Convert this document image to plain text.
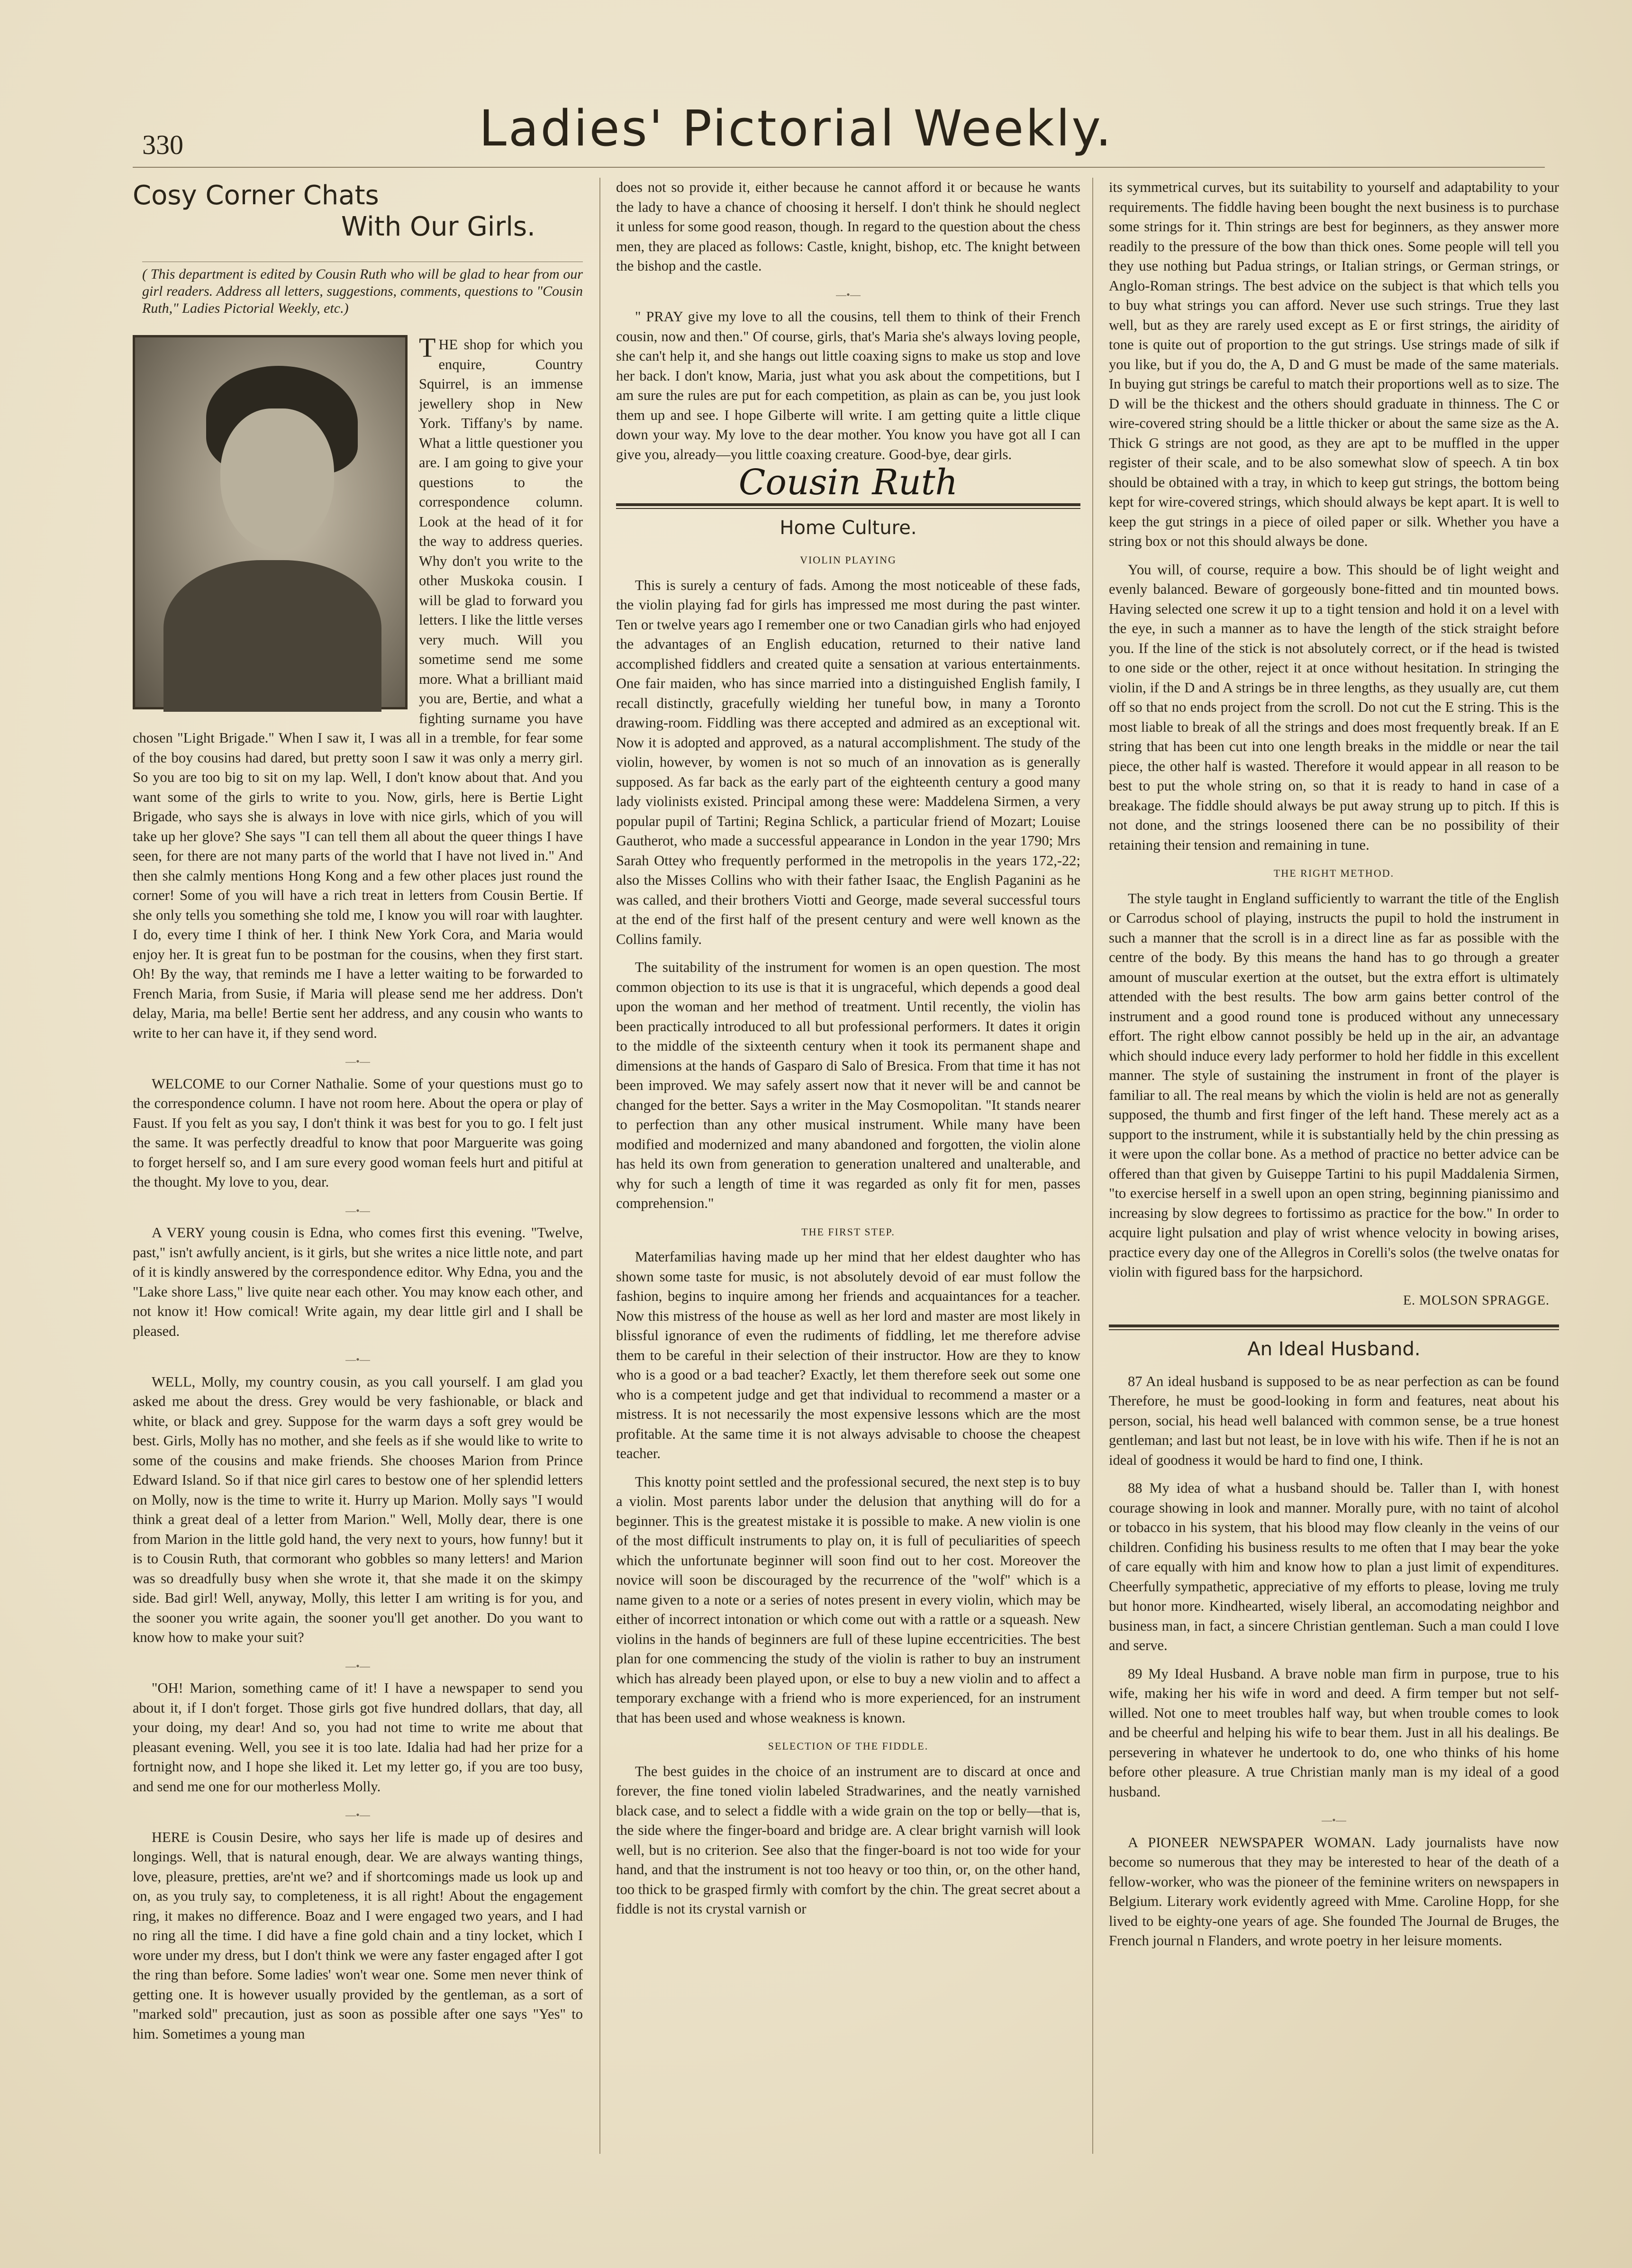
330	Ladies' Pictorial Weekly.
Cosy Corner Chats
With Our Girls.
( This department is edited by Cousin Ruth who will be glad to hear from our girl readers. Address all letters, suggestions, comments, questions to "Cousin Ruth," Ladies Pictorial Weekly, etc.)

THE shop for which you enquire, Country Squirrel, is an immense jewellery shop in New York. Tiffany's by name. What a little questioner you are. I am going to give your questions to the correspondence column. Look at the head of it for the way to address queries. Why don't you write to the other Muskoka cousin. I will be glad to forward you letters. I like the little verses very much. Will you sometime send me some more. What a brilliant maid you are, Bertie, and what a fighting surname you have chosen "Light Brigade." When I saw it, I was all in a tremble, for fear some of the boy cousins had dared, but pretty soon I saw it was only a merry girl. So you are too big to sit on my lap. Well, I don't know about that. And you want some of the girls to write to you. Now, girls, here is Bertie Light Brigade, who says she is always in love with nice girls, which of you will take up her glove? She says "I can tell them all about the queer things I have seen, for there are not many parts of the world that I have not lived in." And then she calmly mentions Hong Kong and a few other places just round the corner! Some of you will have a rich treat in letters from Cousin Bertie. If she only tells you something she told me, I know you will roar with laughter. I do, every time I think of her. I think New York Cora, and Maria would enjoy her. It is great fun to be postman for the cousins, when they first start. Oh! By the way, that reminds me I have a letter waiting to be forwarded to French Maria, from Susie, if Maria will please send me her address. Don't delay, Maria, ma belle! Bertie sent her address, and any cousin who wants to write to her can have it, if they send word.

—•—

WELCOME to our Corner Nathalie. Some of your questions must go to the correspondence column. I have not room here. About the opera or play of Faust. If you felt as you say, I don't think it was best for you to go. I felt just the same. It was perfectly dreadful to know that poor Marguerite was going to forget herself so, and I am sure every good woman feels hurt and pitiful at the thought. My love to you, dear.

—•—

A VERY young cousin is Edna, who comes first this evening. "Twelve, past," isn't awfully ancient, is it girls, but she writes a nice little note, and part of it is kindly answered by the correspondence editor. Why Edna, you and the "Lake shore Lass," live quite near each other. You may know each other, and not know it! How comical! Write again, my dear little girl and I shall be pleased.

—•—

WELL, Molly, my country cousin, as you call yourself. I am glad you asked me about the dress. Grey would be very fashionable, or black and white, or black and grey. Suppose for the warm days a soft grey would be best. Girls, Molly has no mother, and she feels as if she would like to write to some of the cousins and make friends. She chooses Marion from Prince Edward Island. So if that nice girl cares to bestow one of her splendid letters on Molly, now is the time to write it. Hurry up Marion. Molly says "I would think a great deal of a letter from Marion." Well, Molly dear, there is one from Marion in the little gold hand, the very next to yours, how funny! but it is to Cousin Ruth, that cormorant who gobbles so many letters! and Marion was so dreadfully busy when she wrote it, that she made it on the skimpy side. Bad girl! Well, anyway, Molly, this letter I am writing is for you, and the sooner you write again, the sooner you'll get another. Do you want to know how to make your suit?

—•—

"OH! Marion, something came of it! I have a newspaper to send you about it, if I don't forget. Those girls got five hundred dollars, that day, all your doing, my dear! And so, you had not time to write me about that pleasant evening. Well, you see it is too late. Idalia had had her prize for a fortnight now, and I hope she liked it. Let my letter go, if you are too busy, and send me one for our motherless Molly.

—•—

HERE is Cousin Desire, who says her life is made up of desires and longings. Well, that is natural enough, dear. We are always wanting things, love, pleasure, pretties, are'nt we? and if shortcomings made us look up and on, as you truly say, to completeness, it is all right! About the engagement ring, it makes no difference. Boaz and I were engaged two years, and I had no ring all the time. I did have a fine gold chain and a tiny locket, which I wore under my dress, but I don't think we were any faster engaged after I got the ring than before. Some ladies' won't wear one. Some men never think of getting one. It is however usually provided by the gentleman, as a sort of "marked sold" precaution, just as soon as possible after one says "Yes" to him. Sometimes a young man

does not so provide it, either because he cannot afford it or because he wants the lady to have a chance of choosing it herself. I don't think he should neglect it unless for some good reason, though. In regard to the question about the chess men, they are placed as follows: Castle, knight, bishop, etc. The knight between the bishop and the castle.

—•—

" PRAY give my love to all the cousins, tell them to think of their French cousin, now and then." Of course, girls, that's Maria she's always loving people, she can't help it, and she hangs out little coaxing signs to make us stop and love her back. I don't know, Maria, just what you ask about the competitions, but I am sure the rules are put for each competition, as plain as can be, you just look them up and see. I hope Gilberte will write. I am getting quite a little clique down your way. My love to the dear mother. You know you have got all I can give you, already—you little coaxing creature. Good-bye, dear girls.

Cousin Ruth
Home Culture.
VIOLIN PLAYING

This is surely a century of fads. Among the most noticeable of these fads, the violin playing fad for girls has impressed me most during the past winter. Ten or twelve years ago I remember one or two Canadian girls who had enjoyed the advantages of an English education, returned to their native land accomplished fiddlers and created quite a sensation at various entertainments. One fair maiden, who has since married into a distinguished English family, I recall distinctly, gracefully wielding her tuneful bow, in many a Toronto drawing-room. Fiddling was there accepted and admired as an exceptional wit. Now it is adopted and approved, as a natural accomplishment. The study of the violin, however, by women is not so much of an innovation as is generally supposed. As far back as the early part of the eighteenth century a good many lady violinists existed. Principal among these were: Maddelena Sirmen, a very popular pupil of Tartini; Regina Schlick, a particular friend of Mozart; Louise Gautherot, who made a successful appearance in London in the year 1790; Mrs Sarah Ottey who frequently performed in the metropolis in the years 172,-22; also the Misses Collins who with their father Isaac, the English Paganini as he was called, and their brothers Viotti and George, made several successful tours at the end of the first half of the present century and were well known as the Collins family.

The suitability of the instrument for women is an open question. The most common objection to its use is that it is ungraceful, which depends a good deal upon the woman and her method of treatment. Until recently, the violin has been practically introduced to all but professional performers. It dates it origin to the middle of the sixteenth century when it took its permanent shape and dimensions at the hands of Gasparo di Salo of Bresica. From that time it has not been improved. We may safely assert now that it never will be and cannot be changed for the better. Says a writer in the May Cosmopolitan. "It stands nearer to perfection than any other musical instrument. While many have been modified and modernized and many abandoned and forgotten, the violin alone has held its own from generation to generation unaltered and unalterable, and why for such a length of time it was regarded as only fit for men, passes comprehension."

THE FIRST STEP.

Materfamilias having made up her mind that her eldest daughter who has shown some taste for music, is not absolutely devoid of ear must follow the fashion, begins to inquire among her friends and acquaintances for a teacher. Now this mistress of the house as well as her lord and master are most likely in blissful ignorance of even the rudiments of fiddling, let me therefore advise them to be careful in their selection of their instructor. How are they to know who is a good or a bad teacher? Exactly, let them therefore seek out some one who is a competent judge and get that individual to recommend a master or a mistress. It is not necessarily the most expensive lessons which are the most profitable. At the same time it is not always advisable to choose the cheapest teacher.

This knotty point settled and the professional secured, the next step is to buy a violin. Most parents labor under the delusion that anything will do for a beginner. This is the greatest mistake it is possible to make. A new violin is one of the most difficult instruments to play on, it is full of peculiarities of speech which the unfortunate beginner will soon find out to her cost. Moreover the novice will soon be discouraged by the recurrence of the "wolf" which is a name given to a note or a series of notes present in every violin, which may be either of incorrect intonation or which come out with a rattle or a squeash. New violins in the hands of beginners are full of these lupine eccentricities. The best plan for one commencing the study of the violin is rather to buy an instrument which has already been played upon, or else to buy a new violin and to affect a temporary exchange with a friend who is more experienced, for an instrument that has been used and whose weakness is known.

SELECTION OF THE FIDDLE.

The best guides in the choice of an instrument are to discard at once and forever, the fine toned violin labeled Stradwarines, and the neatly varnished black case, and to select a fiddle with a wide grain on the top or belly—that is, the side where the finger-board and bridge are. A clear bright varnish will look well, but is no criterion. See also that the finger-board is not too wide for your hand, and that the instrument is not too heavy or too thin, or, on the other hand, too thick to be grasped firmly with comfort by the chin. The great secret about a fiddle is not its crystal varnish or

its symmetrical curves, but its suitability to yourself and adaptability to your requirements. The fiddle having been bought the next business is to purchase some strings for it. Thin strings are best for beginners, as they answer more readily to the pressure of the bow than thick ones. Some people will tell you they use nothing but Padua strings, or Italian strings, or German strings, or Anglo-Roman strings. The best advice on the subject is that which tells you to buy what strings you can afford. Never use such strings. True they last well, but as they are rarely used except as E or first strings, the airidity of tone is quite out of proportion to the gut strings. Use strings made of silk if you like, but if you do, the A, D and G must be made of the same materials. In buying gut strings be careful to match their proportions well as to size. The D will be the thickest and the others should graduate in thinness. The C or wire-covered string should be a little thicker or about the same size as the A. Thick G strings are not good, as they are apt to be muffled in the upper register of their scale, and to be also somewhat slow of speech. A tin box should be obtained with a tray, in which to keep gut strings, the bottom being kept for wire-covered strings, which should always be kept apart. It is well to keep the gut strings in a piece of oiled paper or silk. Whether you have a string box or not this should always be done.

You will, of course, require a bow. This should be of light weight and evenly balanced. Beware of gorgeously bone-fitted and tin mounted bows. Having selected one screw it up to a tight tension and hold it on a level with the eye, in such a manner as to have the length of the stick straight before you. If the line of the stick is not absolutely correct, or if the head is twisted to one side or the other, reject it at once without hesitation. In stringing the violin, if the D and A strings be in three lengths, as they usually are, cut them off so that no ends project from the scroll. Do not cut the E string. This is the most liable to break of all the strings and does most frequently break. If an E string that has been cut into one length breaks in the middle or near the tail piece, the other half is wasted. Therefore it would appear in all reason to be best to put the whole string on, so that it is ready to hand in case of a breakage. The fiddle should always be put away strung up to pitch. If this is not done, and the strings loosened there can be no possibility of their retaining their tension and remaining in tune.

THE RIGHT METHOD.

The style taught in England sufficiently to warrant the title of the English or Carrodus school of playing, instructs the pupil to hold the instrument in such a manner that the scroll is in a direct line as far as possible with the centre of the body. By this means the hand has to go through a greater amount of muscular exertion at the outset, but the extra effort is ultimately attended with the best results. The bow arm gains better control of the instrument and a good round tone is produced without any unnecessary effort. The right elbow cannot possibly be held up in the air, an advantage which should induce every lady performer to hold her fiddle in this excellent manner. The style of sustaining the instrument in front of the player is familiar to all. The real means by which the violin is held are not as generally supposed, the thumb and first finger of the left hand. These merely act as a support to the instrument, while it is substantially held by the chin pressing as it were upon the collar bone. As a method of practice no better advice can be offered than that given by Guiseppe Tartini to his pupil Maddalenia Sirmen, "to exercise herself in a swell upon an open string, beginning pianissimo and increasing by slow degrees to fortissimo as practice for the bow." In order to acquire light pulsation and play of wrist whence velocity in bowing arises, practice every day one of the Allegros in Corelli's solos (the twelve onatas for violin with figured bass for the harpsichord.

E. MOLSON SPRAGGE.
An Ideal Husband.

87 An ideal husband is supposed to be as near perfection as can be found Therefore, he must be good-looking in form and features, neat about his person, social, his head well balanced with common sense, be a true honest gentleman; and last but not least, be in love with his wife. Then if he is not an ideal of goodness it would be hard to find one, I think.

88 My idea of what a husband should be. Taller than I, with honest courage showing in look and manner. Morally pure, with no taint of alcohol or tobacco in his system, that his blood may flow cleanly in the veins of our children. Confiding his business results to me often that I may bear the yoke of care equally with him and know how to plan a just limit of expenditures. Cheerfully sympathetic, appreciative of my efforts to please, loving me truly but honor more. Kindhearted, wisely liberal, an accomodating neighbor and business man, in fact, a sincere Christian gentleman. Such a man could I love and serve.

89 My Ideal Husband. A brave noble man firm in purpose, true to his wife, making her his wife in word and deed. A firm temper but not self-willed. Not one to meet troubles half way, but when trouble comes to look and be cheerful and helping his wife to bear them. Just in all his dealings. Be persevering in whatever he undertook to do, one who thinks of his home before other pleasure. A true Christian manly man is my ideal of a good husband.

—•—

A PIONEER NEWSPAPER WOMAN. Lady journalists have now become so numerous that they may be interested to hear of the death of a fellow-worker, who was the pioneer of the feminine writers on newspapers in Belgium. Literary work evidently agreed with Mme. Caroline Hopp, for she lived to be eighty-one years of age. She founded The Journal de Bruges, the French journal n Flanders, and wrote poetry in her leisure moments.
